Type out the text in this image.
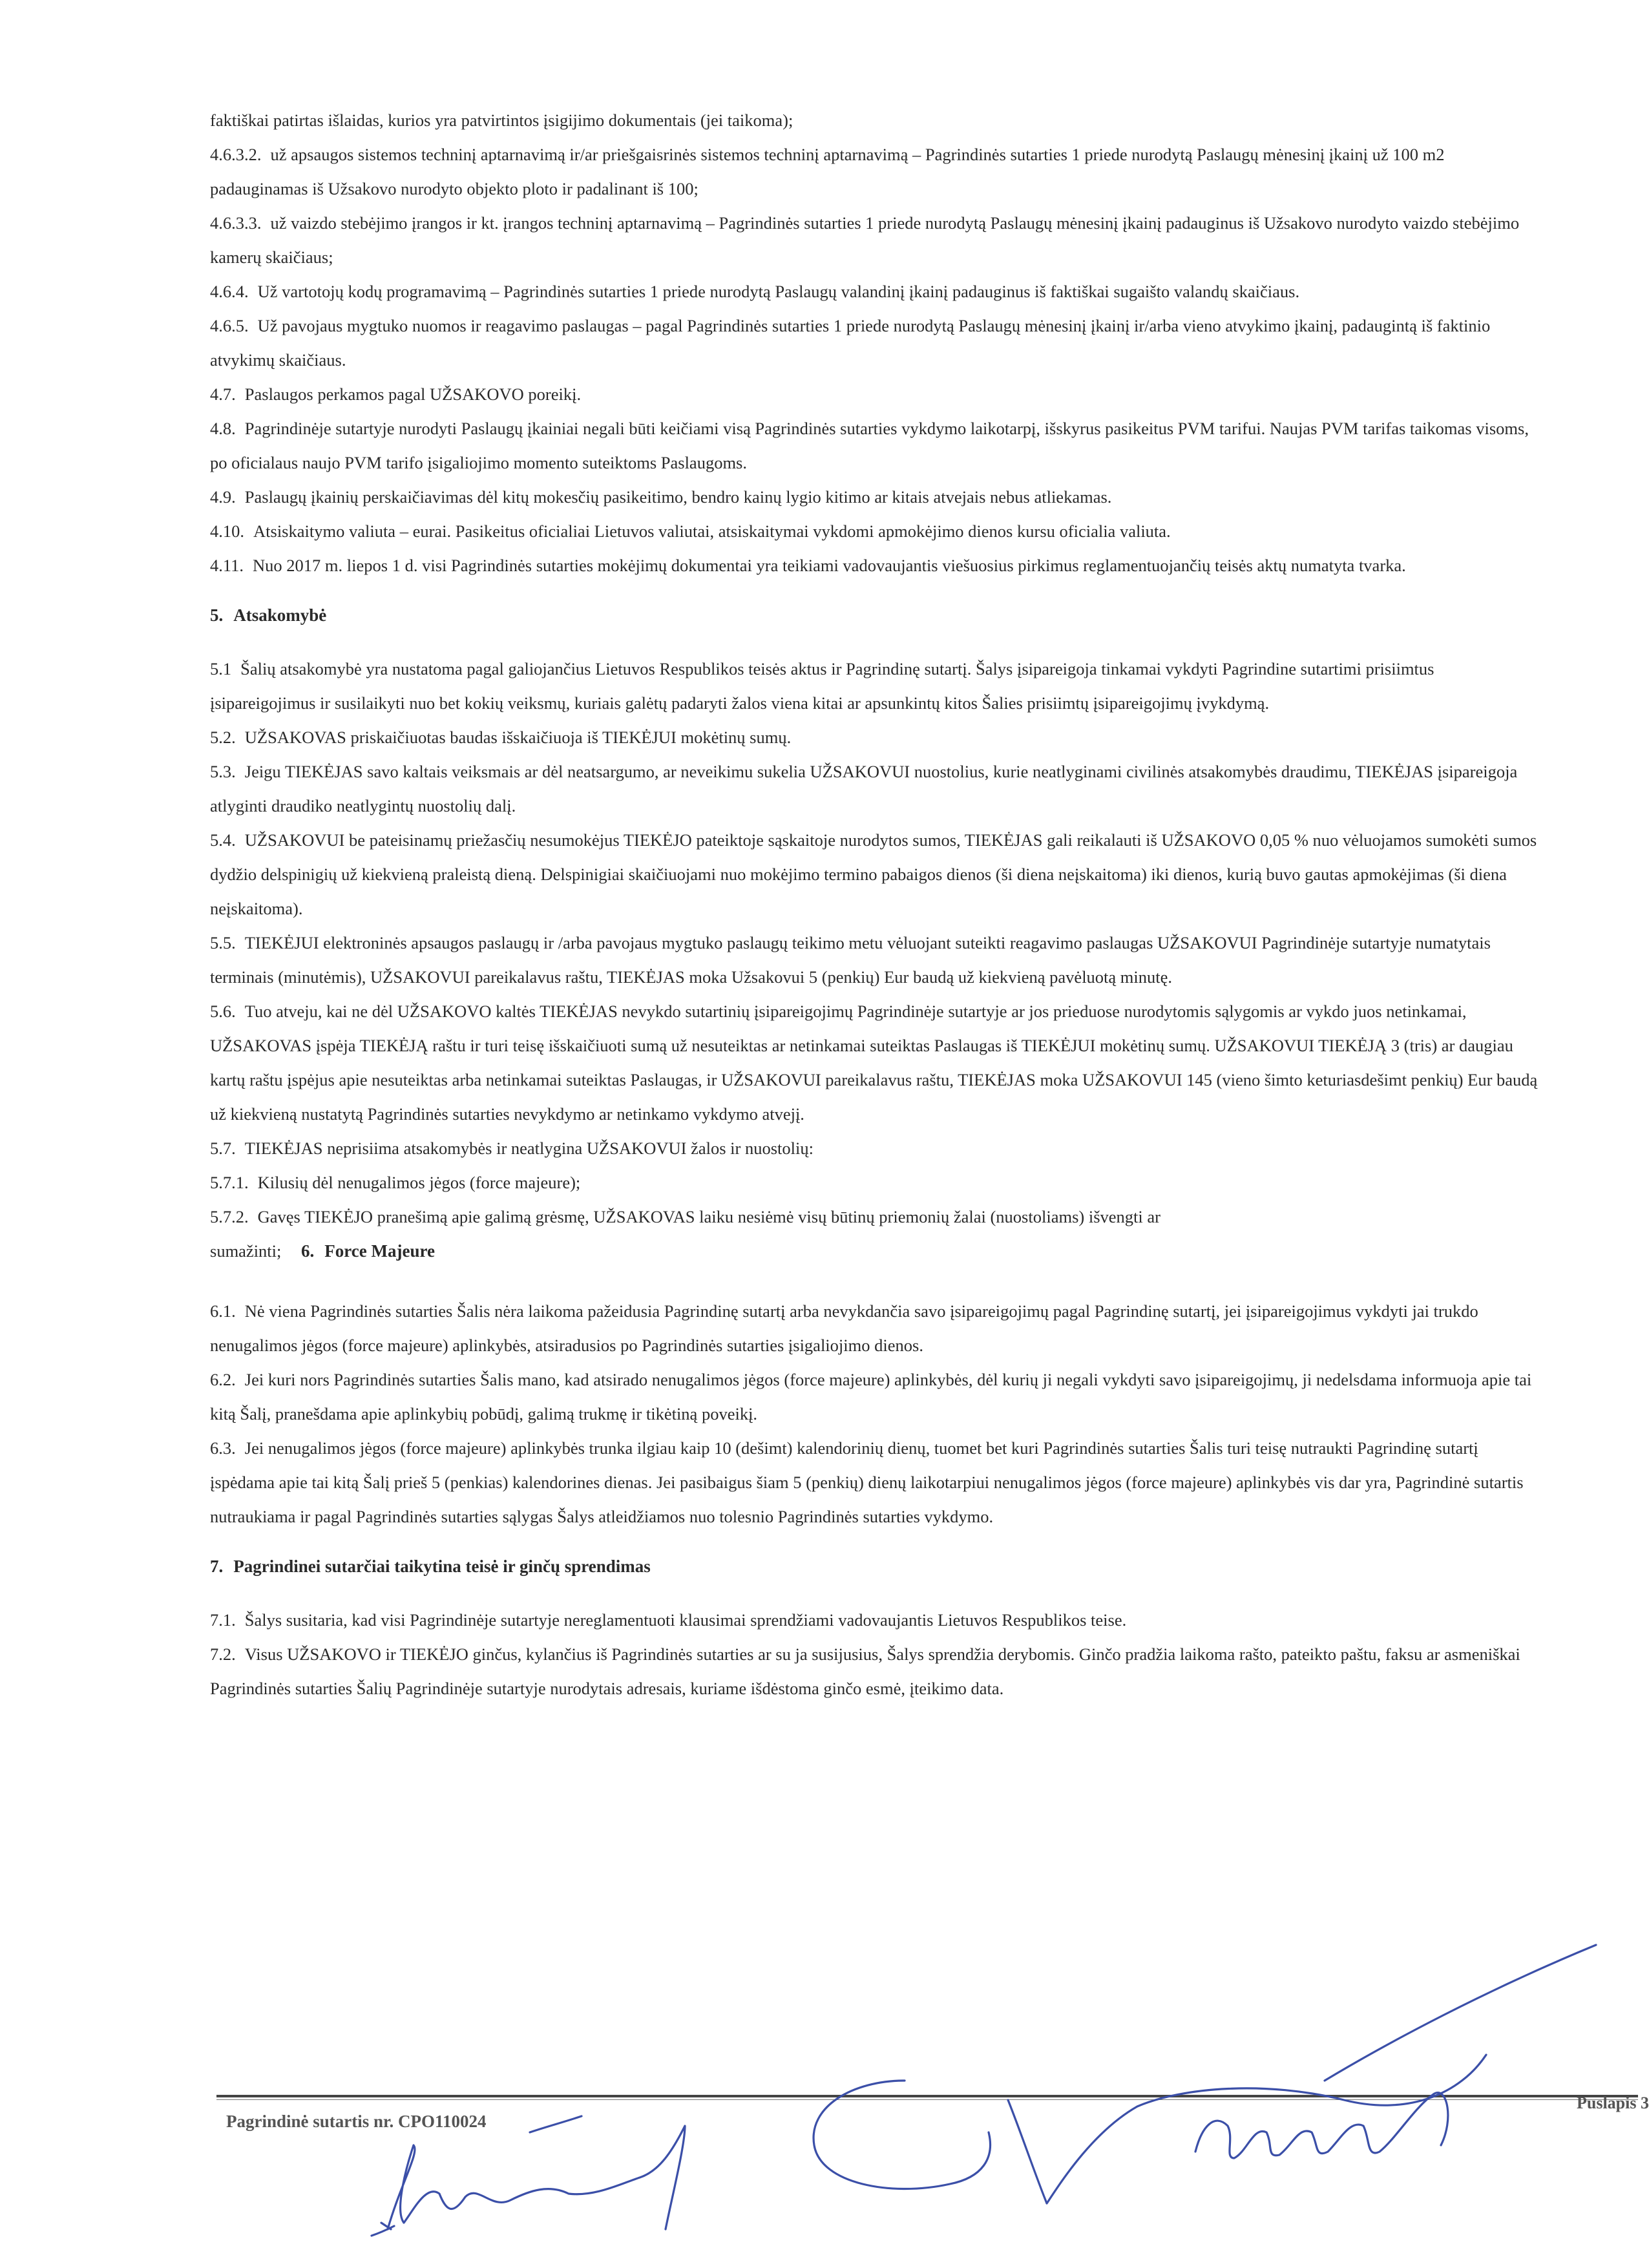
faktiškai patirtas išlaidas, kurios yra patvirtintos įsigijimo dokumentais (jei taikoma);

4.6.3.2. už apsaugos sistemos techninį aptarnavimą ir/ar priešgaisrinės sistemos techninį aptarnavimą – Pagrindinės sutarties 1 priede nurodytą Paslaugų mėnesinį įkainį už 100 m2 padauginamas iš Užsakovo nurodyto objekto ploto ir padalinant iš 100;

4.6.3.3. už vaizdo stebėjimo įrangos ir kt. įrangos techninį aptarnavimą – Pagrindinės sutarties 1 priede nurodytą Paslaugų mėnesinį įkainį padauginus iš Užsakovo nurodyto vaizdo stebėjimo kamerų skaičiaus;

4.6.4. Už vartotojų kodų programavimą – Pagrindinės sutarties 1 priede nurodytą Paslaugų valandinį įkainį padauginus iš faktiškai sugaišto valandų skaičiaus.

4.6.5. Už pavojaus mygtuko nuomos ir reagavimo paslaugas – pagal Pagrindinės sutarties 1 priede nurodytą Paslaugų mėnesinį įkainį ir/arba vieno atvykimo įkainį, padaugintą iš faktinio atvykimų skaičiaus.

4.7. Paslaugos perkamos pagal UŽSAKOVO poreikį.

4.8. Pagrindinėje sutartyje nurodyti Paslaugų įkainiai negali būti keičiami visą Pagrindinės sutarties vykdymo laikotarpį, išskyrus pasikeitus PVM tarifui. Naujas PVM tarifas taikomas visoms, po oficialaus naujo PVM tarifo įsigaliojimo momento suteiktoms Paslaugoms.

4.9. Paslaugų įkainių perskaičiavimas dėl kitų mokesčių pasikeitimo, bendro kainų lygio kitimo ar kitais atvejais nebus atliekamas.

4.10. Atsiskaitymo valiuta – eurai. Pasikeitus oficialiai Lietuvos valiutai, atsiskaitymai vykdomi apmokėjimo dienos kursu oficialia valiuta.

4.11. Nuo 2017 m. liepos 1 d. visi Pagrindinės sutarties mokėjimų dokumentai yra teikiami vadovaujantis viešuosius pirkimus reglamentuojančių teisės aktų numatyta tvarka.

5. Atsakomybė

5.1 Šalių atsakomybė yra nustatoma pagal galiojančius Lietuvos Respublikos teisės aktus ir Pagrindinę sutartį. Šalys įsipareigoja tinkamai vykdyti Pagrindine sutartimi prisiimtus įsipareigojimus ir susilaikyti nuo bet kokių veiksmų, kuriais galėtų padaryti žalos viena kitai ar apsunkintų kitos Šalies prisiimtų įsipareigojimų įvykdymą.

5.2. UŽSAKOVAS priskaičiuotas baudas išskaičiuoja iš TIEKĖJUI mokėtinų sumų.

5.3. Jeigu TIEKĖJAS savo kaltais veiksmais ar dėl neatsargumo, ar neveikimu sukelia UŽSAKOVUI nuostolius, kurie neatlyginami civilinės atsakomybės draudimu, TIEKĖJAS įsipareigoja atlyginti draudiko neatlygintų nuostolių dalį.

5.4. UŽSAKOVUI be pateisinamų priežasčių nesumokėjus TIEKĖJO pateiktoje sąskaitoje nurodytos sumos, TIEKĖJAS gali reikalauti iš UŽSAKOVO 0,05 % nuo vėluojamos sumokėti sumos dydžio delspinigių už kiekvieną praleistą dieną. Delspinigiai skaičiuojami nuo mokėjimo termino pabaigos dienos (ši diena neįskaitoma) iki dienos, kurią buvo gautas apmokėjimas (ši diena neįskaitoma).

5.5. TIEKĖJUI elektroninės apsaugos paslaugų ir /arba pavojaus mygtuko paslaugų teikimo metu vėluojant suteikti reagavimo paslaugas UŽSAKOVUI Pagrindinėje sutartyje numatytais terminais (minutėmis), UŽSAKOVUI pareikalavus raštu, TIEKĖJAS moka Užsakovui 5 (penkių) Eur baudą už kiekvieną pavėluotą minutę.

5.6. Tuo atveju, kai ne dėl UŽSAKOVO kaltės TIEKĖJAS nevykdo sutartinių įsipareigojimų Pagrindinėje sutartyje ar jos prieduose nurodytomis sąlygomis ar vykdo juos netinkamai, UŽSAKOVAS įspėja TIEKĖJĄ raštu ir turi teisę išskaičiuoti sumą už nesuteiktas ar netinkamai suteiktas Paslaugas iš TIEKĖJUI mokėtinų sumų. UŽSAKOVUI TIEKĖJĄ 3 (tris) ar daugiau kartų raštu įspėjus apie nesuteiktas arba netinkamai suteiktas Paslaugas, ir UŽSAKOVUI pareikalavus raštu, TIEKĖJAS moka UŽSAKOVUI 145 (vieno šimto keturiasdešimt penkių) Eur baudą už kiekvieną nustatytą Pagrindinės sutarties nevykdymo ar netinkamo vykdymo atvejį.

5.7. TIEKĖJAS neprisiima atsakomybės ir neatlygina UŽSAKOVUI žalos ir nuostolių:

5.7.1. Kilusių dėl nenugalimos jėgos (force majeure);

5.7.2. Gavęs TIEKĖJO pranešimą apie galimą grėsmę, UŽSAKOVAS laiku nesiėmė visų būtinų priemonių žalai (nuostoliams) išvengti ar

sumažinti; 6. Force Majeure

6.1. Nė viena Pagrindinės sutarties Šalis nėra laikoma pažeidusia Pagrindinę sutartį arba nevykdančia savo įsipareigojimų pagal Pagrindinę sutartį, jei įsipareigojimus vykdyti jai trukdo nenugalimos jėgos (force majeure) aplinkybės, atsiradusios po Pagrindinės sutarties įsigaliojimo dienos.

6.2. Jei kuri nors Pagrindinės sutarties Šalis mano, kad atsirado nenugalimos jėgos (force majeure) aplinkybės, dėl kurių ji negali vykdyti savo įsipareigojimų, ji nedelsdama informuoja apie tai kitą Šalį, pranešdama apie aplinkybių pobūdį, galimą trukmę ir tikėtiną poveikį.

6.3. Jei nenugalimos jėgos (force majeure) aplinkybės trunka ilgiau kaip 10 (dešimt) kalendorinių dienų, tuomet bet kuri Pagrindinės sutarties Šalis turi teisę nutraukti Pagrindinę sutartį įspėdama apie tai kitą Šalį prieš 5 (penkias) kalendorines dienas. Jei pasibaigus šiam 5 (penkių) dienų laikotarpiui nenugalimos jėgos (force majeure) aplinkybės vis dar yra, Pagrindinė sutartis nutraukiama ir pagal Pagrindinės sutarties sąlygas Šalys atleidžiamos nuo tolesnio Pagrindinės sutarties vykdymo.

7. Pagrindinei sutarčiai taikytina teisė ir ginčų sprendimas

7.1. Šalys susitaria, kad visi Pagrindinėje sutartyje nereglamentuoti klausimai sprendžiami vadovaujantis Lietuvos Respublikos teise.

7.2. Visus UŽSAKOVO ir TIEKĖJO ginčus, kylančius iš Pagrindinės sutarties ar su ja susijusius, Šalys sprendžia derybomis. Ginčo pradžia laikoma rašto, pateikto paštu, faksu ar asmeniškai Pagrindinės sutarties Šalių Pagrindinėje sutartyje nurodytais adresais, kuriame išdėstoma ginčo esmė, įteikimo data.

Pagrindinė sutartis nr. CPO110024
Puslapis 3
